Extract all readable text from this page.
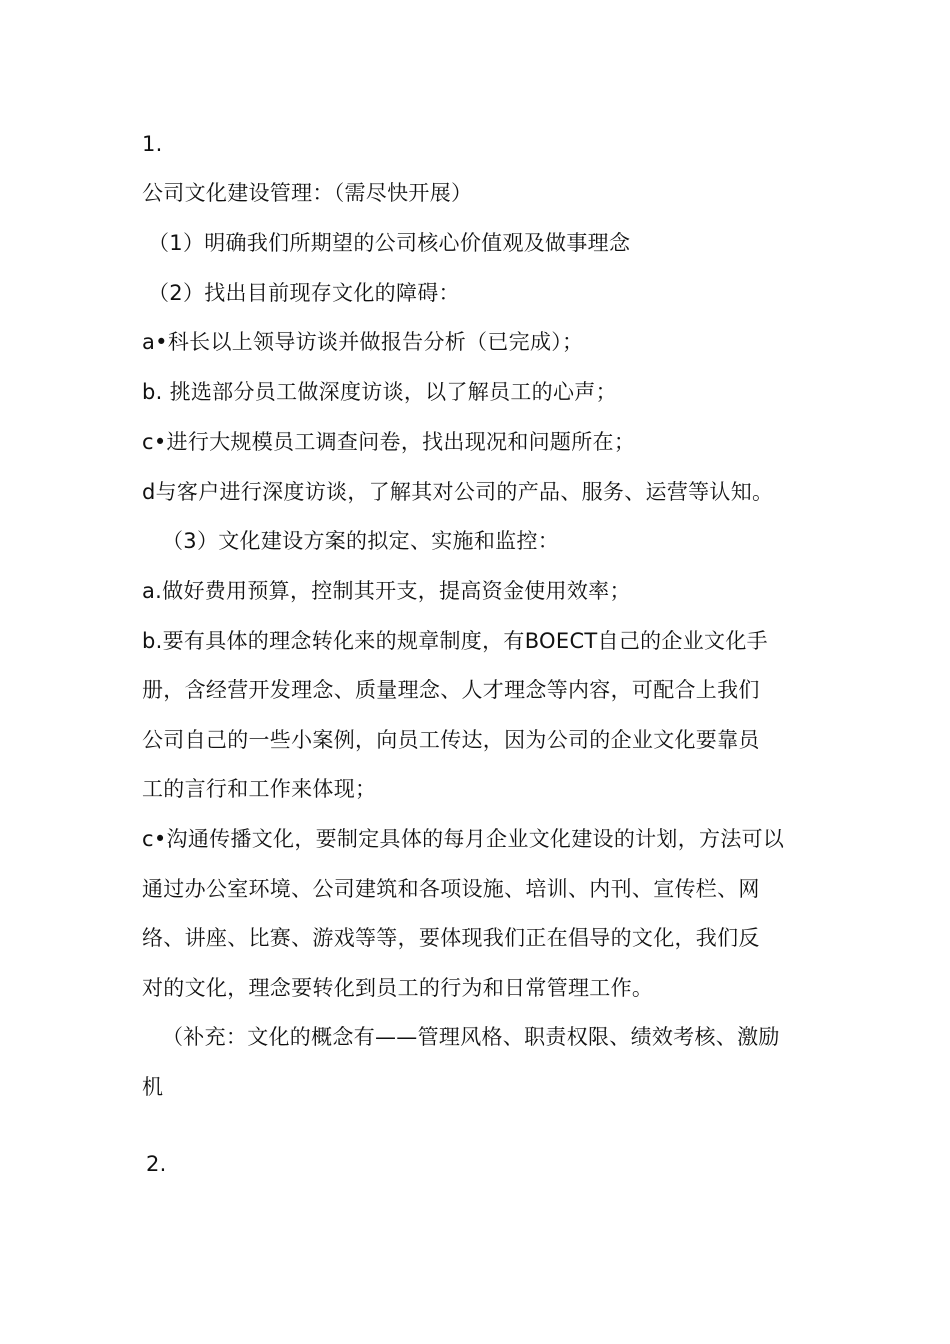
1.
公司文化建设管理：（需尽快开展）
（1）明确我们所期望的公司核心价值观及做事理念
（2）找出目前现存文化的障碍：
a•科长以上领导访谈并做报告分析（已完成）；
b. 挑选部分员工做深度访谈，以了解员工的心声；
c•进行大规模员工调查问卷，找出现况和问题所在；
d与客户进行深度访谈，了解其对公司的产品、服务、运营等认知。
（3）文化建设方案的拟定、实施和监控：
a.做好费用预算，控制其开支，提高资金使用效率；
b.要有具体的理念转化来的规章制度，有BOECT自己的企业文化手
册，含经营开发理念、质量理念、人才理念等内容，可配合上我们
公司自己的一些小案例，向员工传达，因为公司的企业文化要靠员
工的言行和工作来体现；
c•沟通传播文化，要制定具体的每月企业文化建设的计划，方法可以
通过办公室环境、公司建筑和各项设施、培训、内刊、宣传栏、网
络、讲座、比赛、游戏等等，要体现我们正在倡导的文化，我们反
对的文化，理念要转化到员工的行为和日常管理工作。
（补充：文化的概念有——管理风格、职责权限、绩效考核、激励
机
2.
